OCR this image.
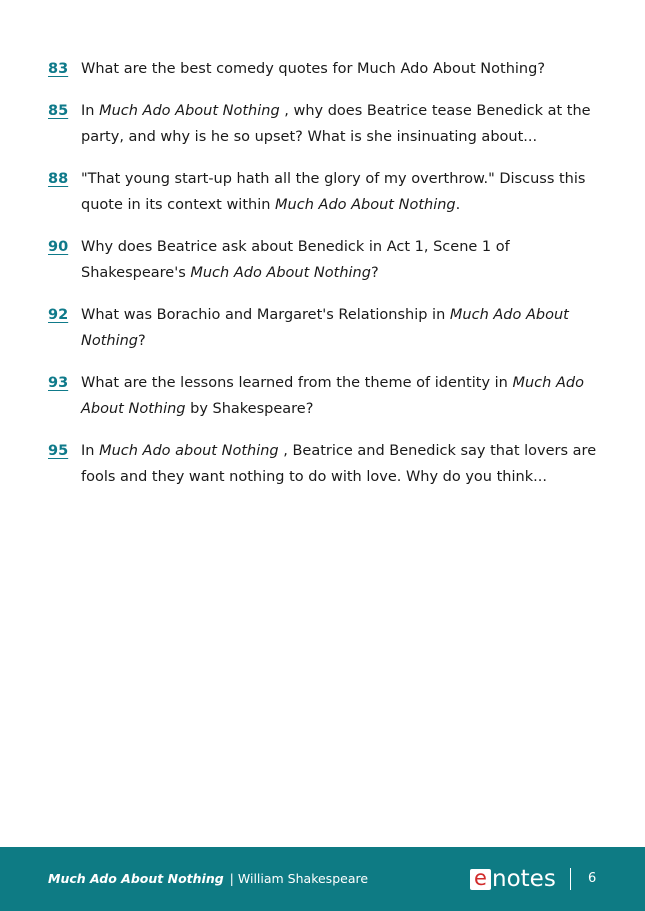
83 What are the best comedy quotes for Much Ado About Nothing?
85 In Much Ado About Nothing , why does Beatrice tease Benedick at the party, and why is he so upset? What is she insinuating about...
88 "That young start-up hath all the glory of my overthrow." Discuss this quote in its context within Much Ado About Nothing.
90 Why does Beatrice ask about Benedick in Act 1, Scene 1 of Shakespeare's Much Ado About Nothing?
92 What was Borachio and Margaret's Relationship in Much Ado About Nothing?
93 What are the lessons learned from the theme of identity in Much Ado About Nothing by Shakespeare?
95 In Much Ado about Nothing , Beatrice and Benedick say that lovers are fools and they want nothing to do with love. Why do you think...
Much Ado About Nothing | William Shakespeare	e notes 6
